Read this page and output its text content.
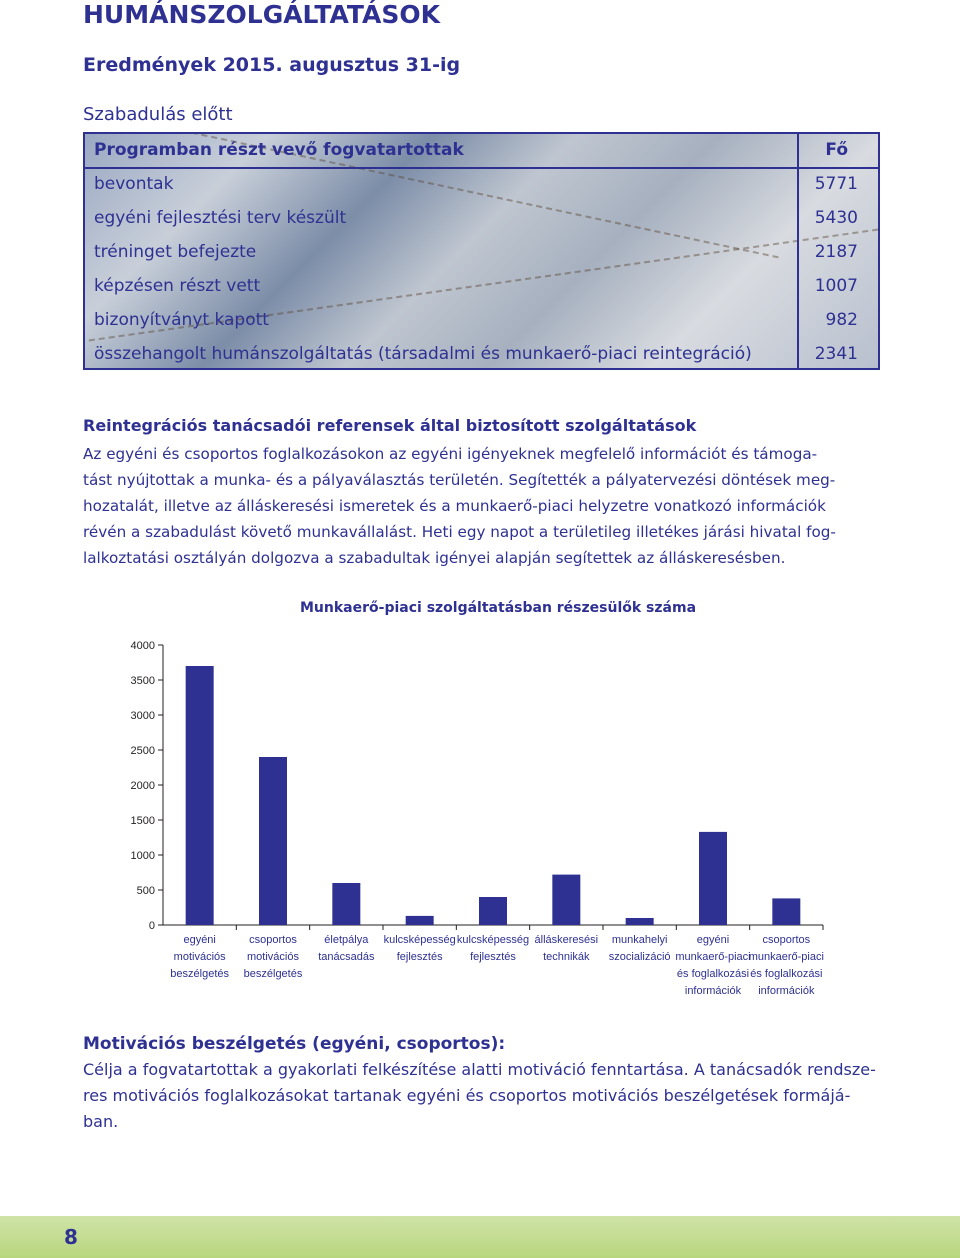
HUMÁNSZOLGÁLTATÁSOK
Eredmények 2015. augusztus 31-ig
Szabadulás előtt
Programban részt vevő fogvatartottak	Fő
bevontak	5771
egyéni fejlesztési terv készült	5430
tréninget befejezte	2187
képzésen részt vett	1007
bizonyítványt kapott	982
összehangolt humánszolgáltatás (társadalmi és munkaerő-piaci reintegráció)	2341
Reintegrációs tanácsadói referensek által biztosított szolgáltatások
Az egyéni és csoportos foglalkozásokon az egyéni igényeknek megfelelő információt és támoga-
tást nyújtottak a munka- és a pályaválasztás területén. Segítették a pályatervezési döntések meg-
hozatalát, illetve az álláskeresési ismeretek és a munkaerő-piaci helyzetre vonatkozó információk
révén a szabadulást követő munkavállalást. Heti egy napot a területileg illetékes járási hivatal fog-
lalkoztatási osztályán dolgozva a szabadultak igényei alapján segítettek az álláskeresésben.
Munkaerő-piaci szolgáltatásban részesülők száma
0
500
1000
1500
2000
2500
3000
3500
4000
egyéni
motivációs
beszélgetés
csoportos
motivációs
beszélgetés
életpálya
tanácsadás
kulcsképesség
fejlesztés
kulcsképesség
fejlesztés
álláskeresési
technikák
munkahelyi
szocializáció
egyéni
munkaerő-piaci
és foglalkozási
információk
csoportos
munkaerő-piaci
és foglalkozási
információk
Motivációs beszélgetés (egyéni, csoportos):
Célja a fogvatartottak a gyakorlati felkészítése alatti motiváció fenntartása. A tanácsadók rendsze-
res motivációs foglalkozásokat tartanak egyéni és csoportos motivációs beszélgetések formájá-
ban.
8
